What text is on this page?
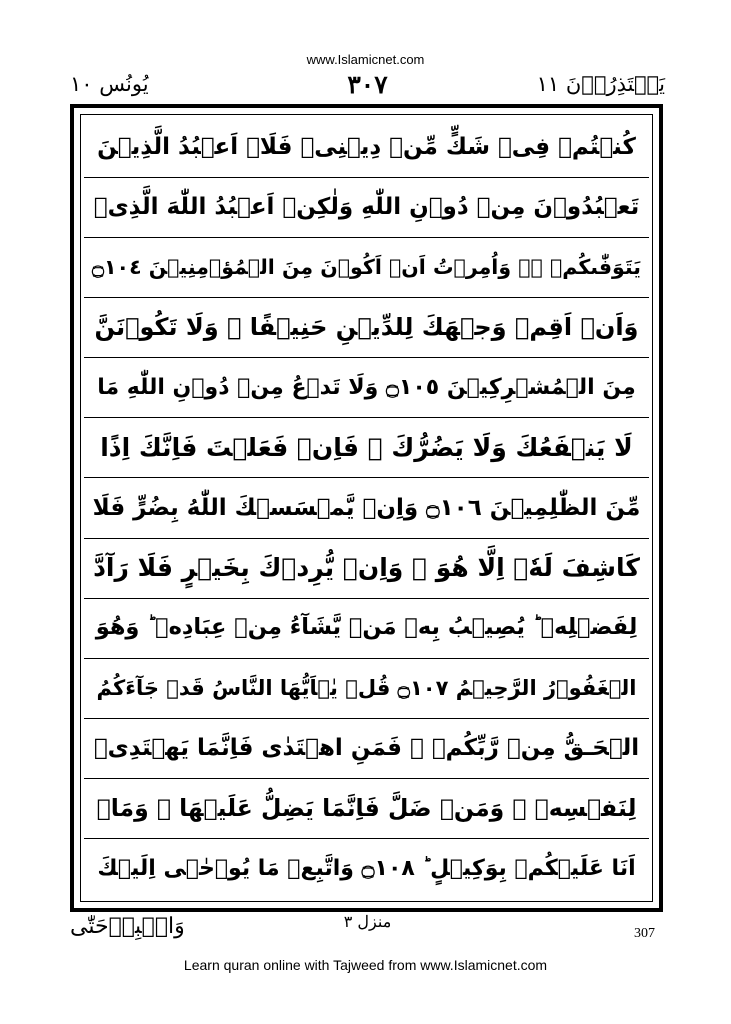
www.Islamicnet.com
يُونُس ١٠	٣٠٧	يَعۡتَذِرُوۡنَ ١١
كُنۡتُمۡ فِىۡ شَكٍّ مِّنۡ دِيۡنِىۡ فَلَاۤ اَعۡبُدُ الَّذِيۡنَ
تَعۡبُدُوۡنَ مِنۡ دُوۡنِ اللّٰهِ وَلٰكِنۡ اَعۡبُدُ اللّٰهَ الَّذِىۡ
يَتَوَفّٰٮكُمۡ ‌ۖۚ وَاُمِرۡتُ اَنۡ اَكُوۡنَ مِنَ الۡمُؤۡمِنِيۡنَ ۝١٠٤
وَاَنۡ اَقِمۡ وَجۡهَكَ لِلدِّيۡنِ حَنِيۡفًا‌ ۚ وَلَا تَكُوۡنَنَّ
مِنَ الۡمُشۡرِكِيۡنَ ۝١٠٥ وَلَا تَدۡعُ مِنۡ دُوۡنِ اللّٰهِ مَا
لَا يَنۡفَعُكَ وَلَا يَضُرُّكَ‌ ۚ فَاِنۡ فَعَلۡتَ فَاِنَّكَ اِذًا
مِّنَ الظّٰلِمِيۡنَ ۝١٠٦ وَاِنۡ يَّمۡسَسۡكَ اللّٰهُ بِضُرٍّ فَلَا
كَاشِفَ لَهٗۤ اِلَّا هُوَ‌ ۚ وَاِنۡ يُّرِدۡكَ بِخَيۡرٍ فَلَا رَآدَّ
لِفَضۡلِهٖ‌ ؕ يُصِيۡبُ بِهٖ مَنۡ يَّشَآءُ مِنۡ عِبَادِهٖ‌ ؕ وَهُوَ
الۡغَفُوۡرُ الرَّحِيۡمُ ۝١٠٧ قُلۡ يٰۤاَيُّهَا النَّاسُ قَدۡ جَآءَكُمُ
الۡحَـقُّ مِنۡ رَّبِّكُمۡ‌ ۚ فَمَنِ اهۡتَدٰى فَاِنَّمَا يَهۡتَدِىۡ
لِنَفۡسِهٖ‌ ۚ وَمَنۡ ضَلَّ فَاِنَّمَا يَضِلُّ عَلَيۡهَا‌ ۚ وَمَاۤ
اَنَا عَلَيۡكُمۡ بِوَكِيۡلٍ ؕ‏ ۝١٠٨ وَاتَّبِعۡ مَا يُوۡحٰۤى اِلَيۡكَ
وَاصۡبِرۡحَتّٰى	منزل ٣
307
Learn quran online with Tajweed from www.Islamicnet.com
